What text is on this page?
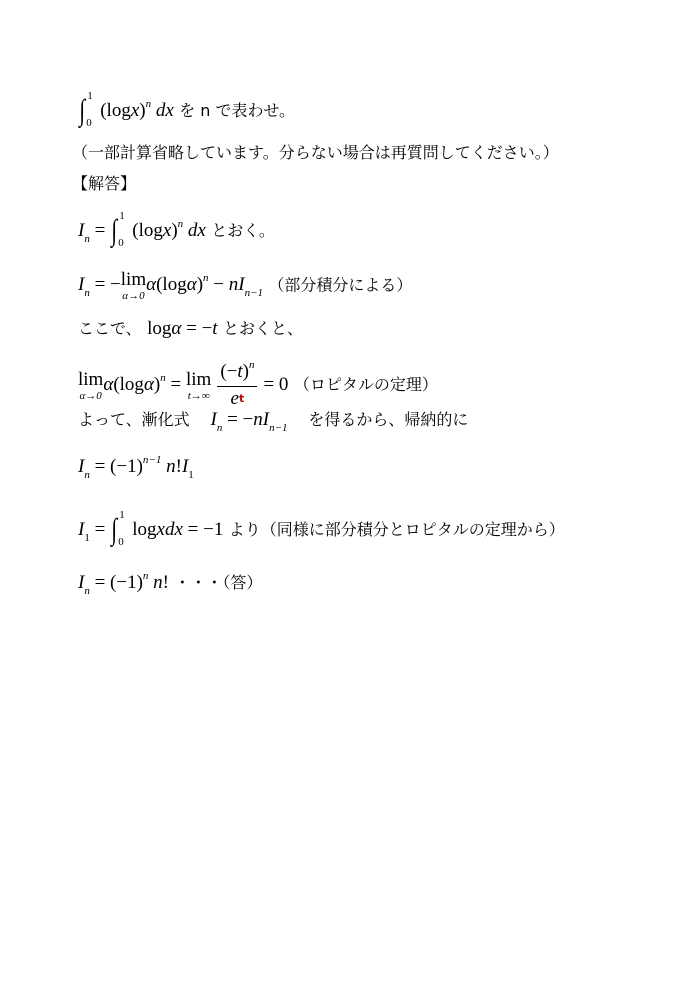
∫ 1
0
$(\log x)^n$ dx を n で表わせ。
（一部計算省略しています。分らない場合は再質問してください。）
【解答】
$I_n$ = ∫ 1
0
$(\log x)^n$ dx とおく。
$I_n$ = − lim
α→0
$\alpha(\log\alpha)^n - nI_{n-1}$ （部分積分による）
ここで、 logα = −t とおくと、
lim
α→0
$\alpha(\log\alpha)^n = \lim$
$t\to\infty \frac{(-t)^n}{e^t} = 0$ （ロピタルの定理）
よって、漸化式 $I_n = -nI_{n-1}$ を得るから、帰納的に
$I_n = (-1)^{n-1}$ $n!I_1$
$I_1$ = ∫ 1
0
logxdx = −1 より（同様に部分積分とロピタルの定理から）
$I_n = (-1)^n$ n! ・・・（答）
